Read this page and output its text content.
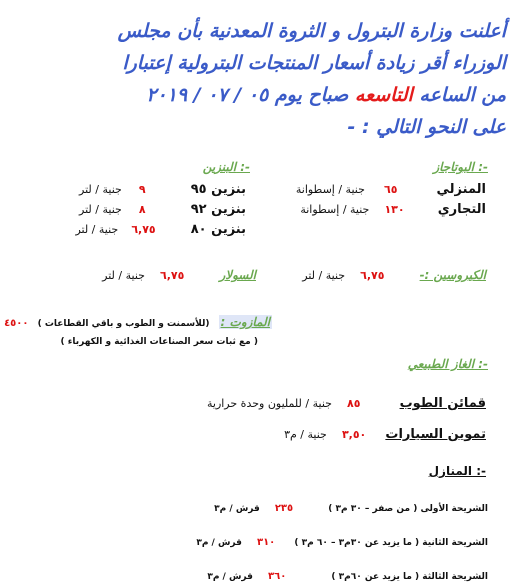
أعلنت وزارة البترول و الثروة المعدنية بأن مجلس
الوزراء أقر زيادة أسعار المنتجات البترولية إعتبارا
من الساعه التاسعه صباح يوم ٠٥ / ٠٧ / ٢٠١٩
على النحو التالي : -
البوتاجاز :-
المنزلي ٦٥ جنية / إسطوانة
التجاري ١٣٠ جنية / إسطوانة
البنزين :-
بنزين ٩٥ ٩ جنية / لتر
بنزين ٩٢ ٨ جنية / لتر
بنزين ٨٠ ٦,٧٥ جنية / لتر
الكيروسين :- ٦,٧٥ جنية / لتر
السولار ٦,٧٥ جنية / لتر
المازوت : (للأسمنت و الطوب و باقي القطاعات ) ٤٥٠٠
( مع ثبات سعر الصناعات الغذائية و الكهرباء )
الغاز الطبيعي :-
قمائن الطوب ٨٥ جنية / للمليون وحدة حرارية
تموين السيارات ٣,٥٠ جنية / م٣
المنازل :-
الشريحة الأولى ( من صفر – ٣٠ م٣ ) ٢٣٥ قرش / م٣
الشريحة الثانية ( ما يزيد عن ٣٠م٣ – ٦٠ م٣ ) ٣١٠ قرش / م٣
الشريحة الثالثة ( ما يزيد عن ٦٠م٣ ) ٣٦٠ قرش / م٣
